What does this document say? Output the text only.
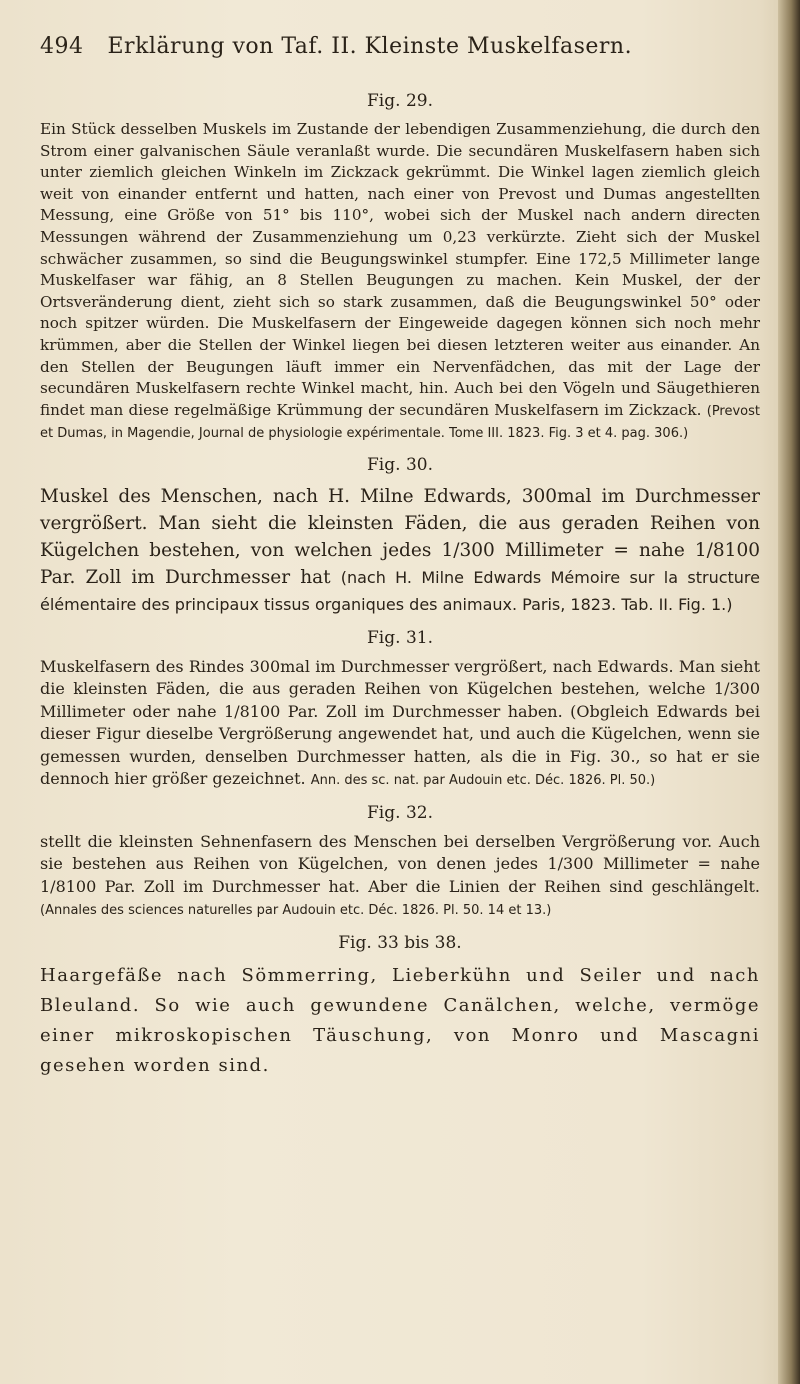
494 Erklärung von Taf. II. Kleinste Muskelfasern.
Fig. 29.

Ein Stück desselben Muskels im Zustande der lebendigen Zusammenziehung, die durch den Strom einer galvanischen Säule veranlaßt wurde. Die secundären Muskelfasern haben sich unter ziemlich gleichen Winkeln im Zickzack gekrümmt. Die Winkel lagen ziemlich gleich weit von einander entfernt und hatten, nach einer von Prevost und Dumas angestellten Messung, eine Größe von 51° bis 110°, wobei sich der Muskel nach andern directen Messungen während der Zusammenziehung um 0,23 verkürzte. Zieht sich der Muskel schwächer zusammen, so sind die Beugungswinkel stumpfer. Eine 172,5 Millimeter lange Muskelfaser war fähig, an 8 Stellen Beugungen zu machen. Kein Muskel, der der Ortsveränderung dient, zieht sich so stark zusammen, daß die Beugungswinkel 50° oder noch spitzer würden. Die Muskelfasern der Eingeweide dagegen können sich noch mehr krümmen, aber die Stellen der Winkel liegen bei diesen letzteren weiter aus einander. An den Stellen der Beugungen läuft immer ein Nervenfädchen, das mit der Lage der secundären Muskelfasern rechte Winkel macht, hin. Auch bei den Vögeln und Säugethieren findet man diese regelmäßige Krümmung der secundären Muskelfasern im Zickzack. (Prevost et Dumas, in Magendie, Journal de physiologie expérimentale. Tome III. 1823. Fig. 3 et 4. pag. 306.)

Fig. 30.

Muskel des Menschen, nach H. Milne Edwards, 300mal im Durchmesser vergrößert. Man sieht die kleinsten Fäden, die aus geraden Reihen von Kügelchen bestehen, von welchen jedes 1/300 Millimeter = nahe 1/8100 Par. Zoll im Durchmesser hat (nach H. Milne Edwards Mémoire sur la structure élémentaire des principaux tissus organiques des animaux. Paris, 1823. Tab. II. Fig. 1.)

Fig. 31.

Muskelfasern des Rindes 300mal im Durchmesser vergrößert, nach Edwards. Man sieht die kleinsten Fäden, die aus geraden Reihen von Kügelchen bestehen, welche 1/300 Millimeter oder nahe 1/8100 Par. Zoll im Durchmesser haben. (Obgleich Edwards bei dieser Figur dieselbe Vergrößerung angewendet hat, und auch die Kügelchen, wenn sie gemessen wurden, denselben Durchmesser hatten, als die in Fig. 30., so hat er sie dennoch hier größer gezeichnet. Ann. des sc. nat. par Audouin etc. Déc. 1826. Pl. 50.)

Fig. 32.

stellt die kleinsten Sehnenfasern des Menschen bei derselben Vergrößerung vor. Auch sie bestehen aus Reihen von Kügelchen, von denen jedes 1/300 Millimeter = nahe 1/8100 Par. Zoll im Durchmesser hat. Aber die Linien der Reihen sind geschlängelt. (Annales des sciences naturelles par Audouin etc. Déc. 1826. Pl. 50. 14 et 13.)

Fig. 33 bis 38.

Haargefäße nach Sömmerring, Lieberkühn und Seiler und nach Bleuland. So wie auch gewundene Canälchen, welche, vermöge einer mikroskopischen Täuschung, von Monro und Mascagni gesehen worden sind.
